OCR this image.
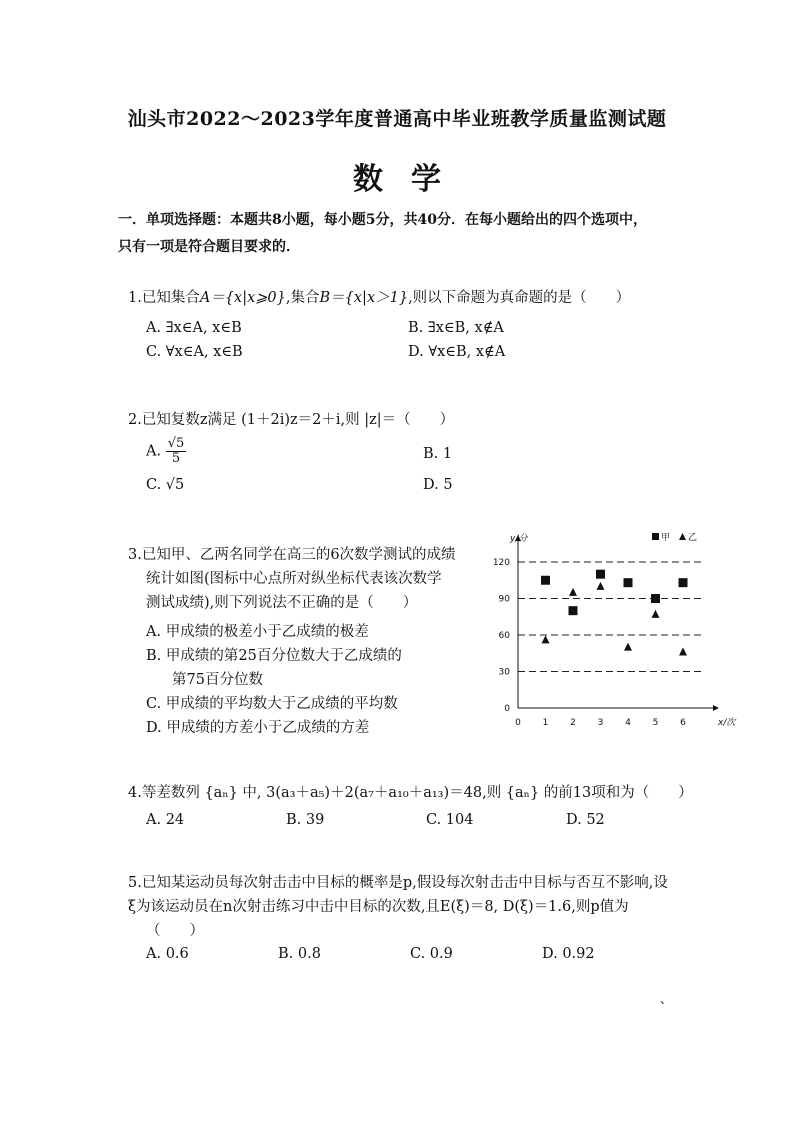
汕头市2022～2023学年度普通高中毕业班教学质量监测试题
数学
一．单项选择题：本题共8小题，每小题5分，共40分．在每小题给出的四个选项中，
只有一项是符合题目要求的．
1.已知集合A＝{x|x⩾0},集合B＝{x|x＞1},则以下命题为真命题的是（　　）
A. ∃x∈A, x∈B	B. ∃x∈B, x∉A
C. ∀x∈A, x∈B	D. ∀x∈B, x∉A
2.已知复数z满足 (1＋2i)z＝2＋i,则 |z|＝（　　）
A. $\frac{√5}{5}$	B. 1
C. √5	D. 5
3.已知甲、乙两名同学在高三的6次数学测试的成绩
统计如图(图标中心点所对纵坐标代表该次数学
测试成绩),则下列说法不正确的是（　　）
A. 甲成绩的极差小于乙成绩的极差
B. 甲成绩的第25百分位数大于乙成绩的
第75百分位数
C. 甲成绩的平均数大于乙成绩的平均数
D. 甲成绩的方差小于乙成绩的方差
y/分
x/次
0
30
60
90
120
0 1 2 3 4 5 6
甲 乙
4.等差数列 {aₙ} 中, 3(a₃＋a₅)＋2(a₇＋a₁₀＋a₁₃)＝48,则 {aₙ} 的前13项和为（　　）
A. 24	B. 39	C. 104	D. 52
5.已知某运动员每次射击击中目标的概率是p,假设每次射击击中目标与否互不影响,设
ξ为该运动员在n次射击练习中击中目标的次数,且E(ξ)＝8, D(ξ)＝1.6,则p值为
（　　）
A. 0.6	B. 0.8	C. 0.9	D. 0.92
、
